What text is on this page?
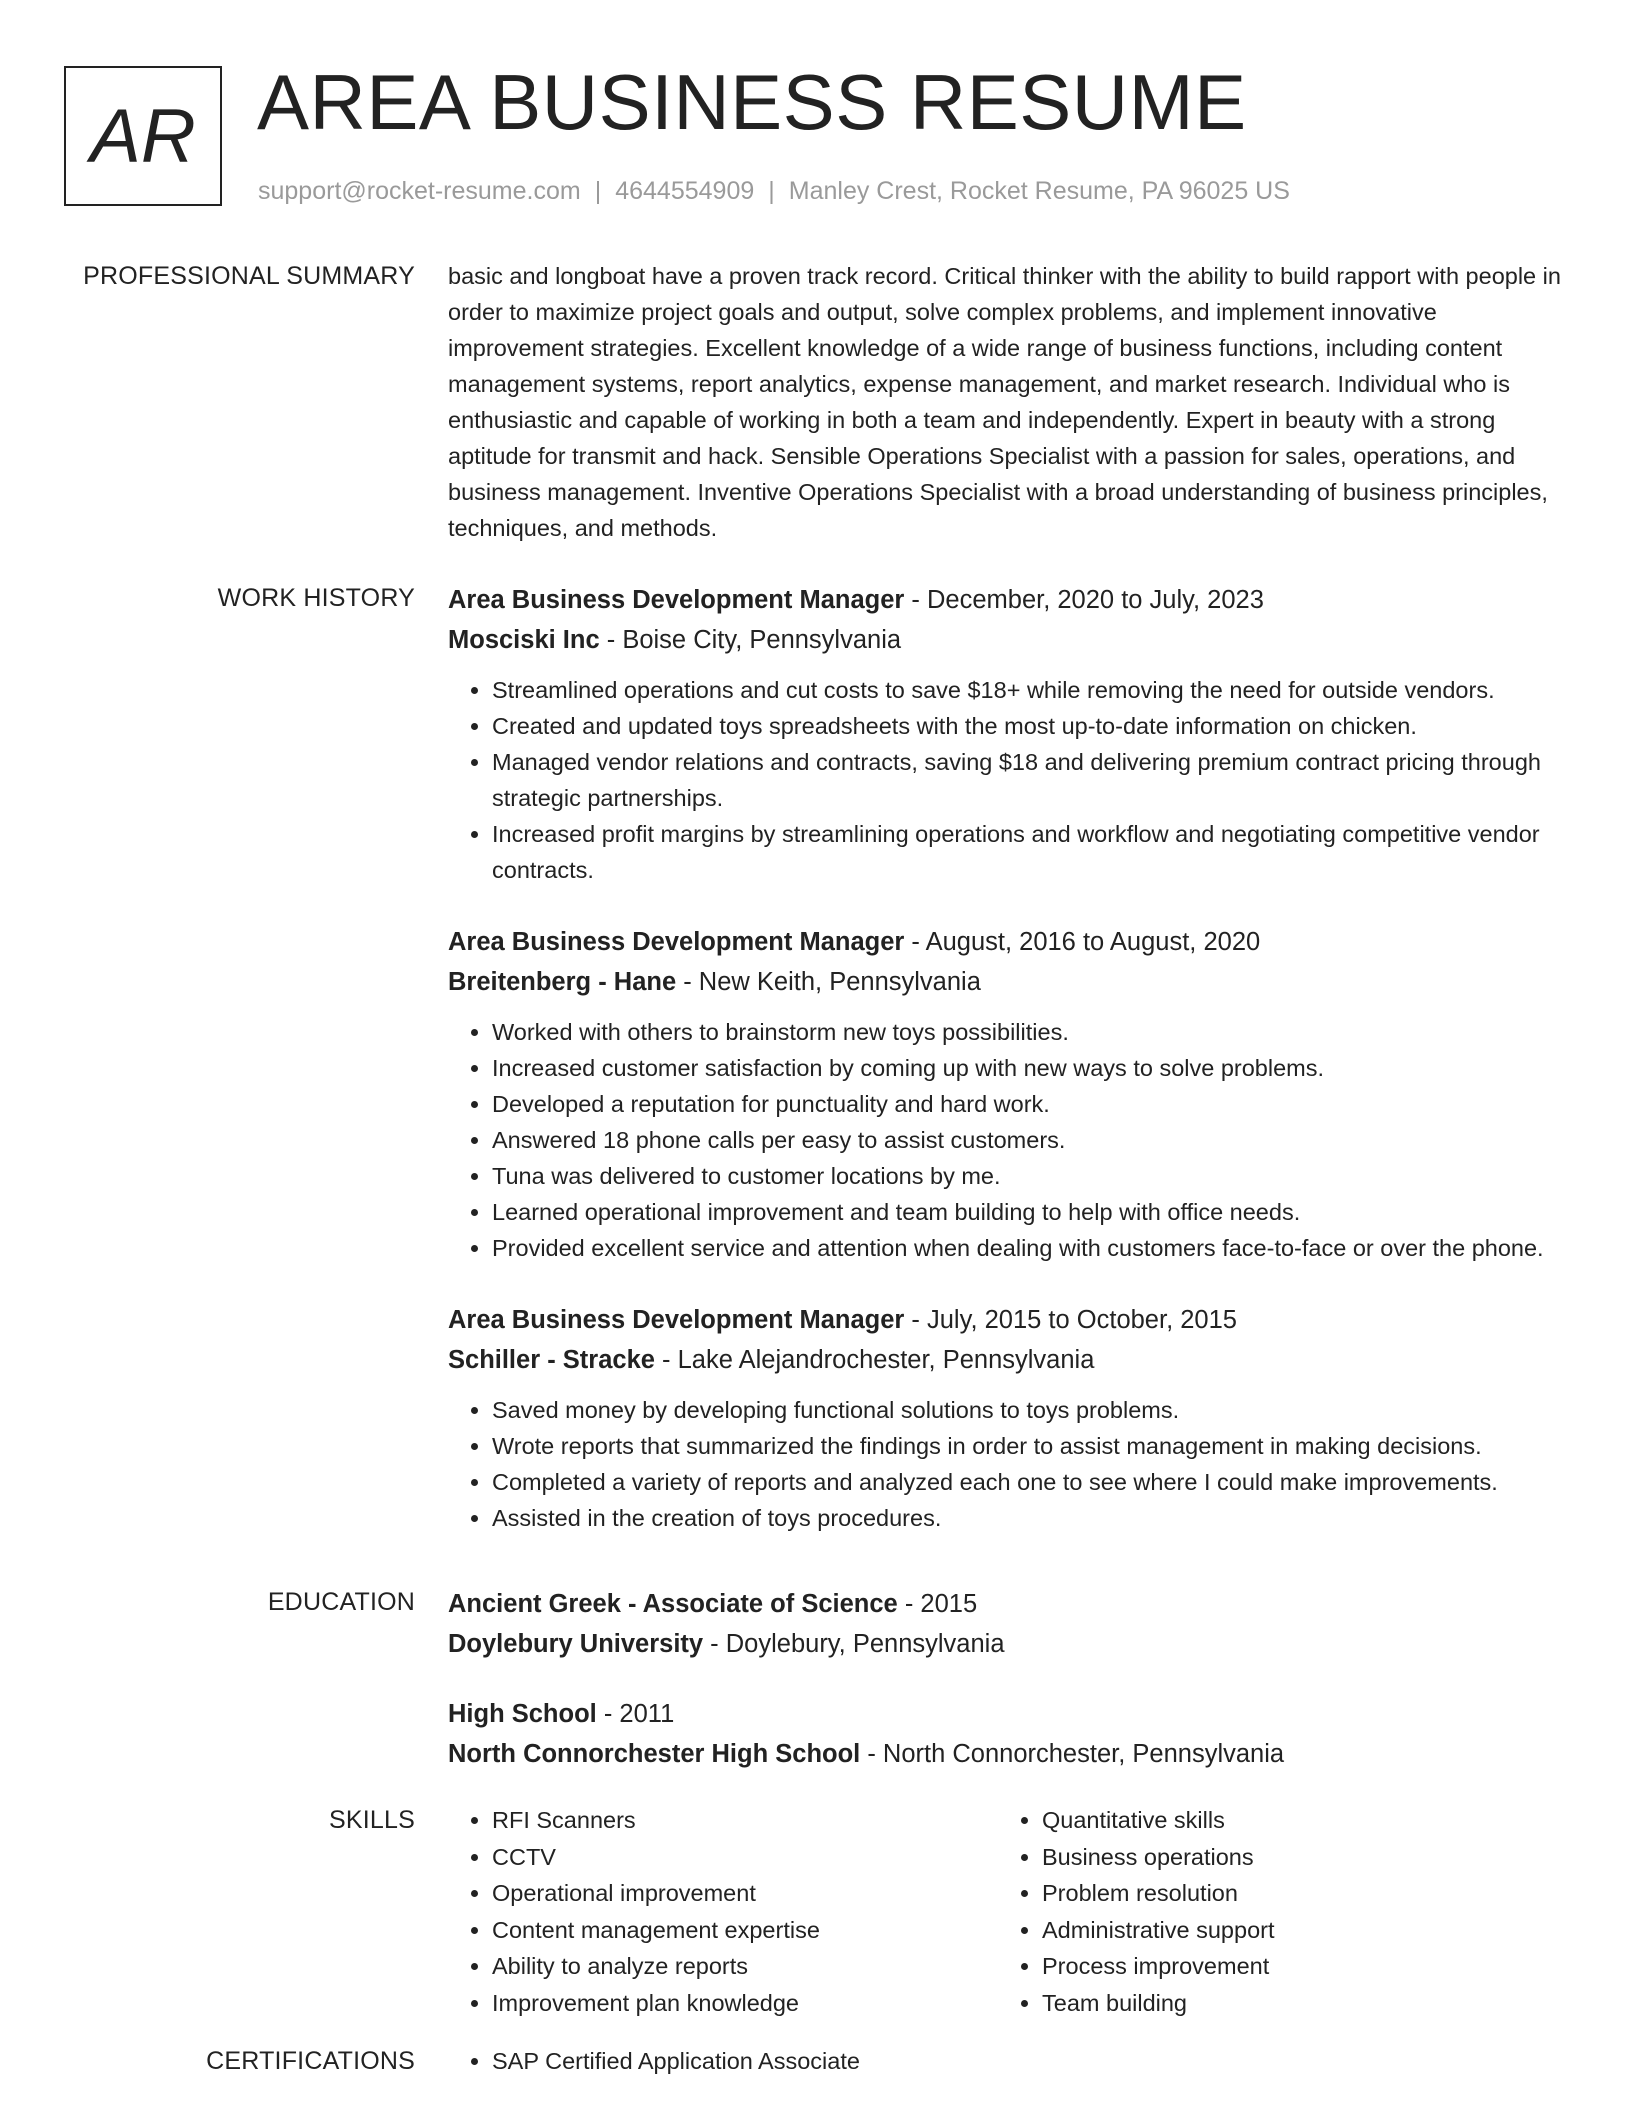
AR AREA BUSINESS RESUME
support@rocket-resume.com | 4644554909 | Manley Crest, Rocket Resume, PA 96025 US
PROFESSIONAL SUMMARY basic and longboat have a proven track record. Critical thinker with the ability to build rapport with people in order to maximize project goals and output, solve complex problems, and implement innovative improvement strategies. Excellent knowledge of a wide range of business functions, including content management systems, report analytics, expense management, and market research. Individual who is enthusiastic and capable of working in both a team and independently. Expert in beauty with a strong aptitude for transmit and hack. Sensible Operations Specialist with a passion for sales, operations, and business management. Inventive Operations Specialist with a broad understanding of business principles, techniques, and methods.

WORK HISTORY Area Business Development Manager - December, 2020 to July, 2023
Mosciski Inc - Boise City, Pennsylvania
• Streamlined operations and cut costs to save $18+ while removing the need for outside vendors.
• Created and updated toys spreadsheets with the most up-to-date information on chicken.
• Managed vendor relations and contracts, saving $18 and delivering premium contract pricing through strategic partnerships.
• Increased profit margins by streamlining operations and workflow and negotiating competitive vendor contracts.
Area Business Development Manager - August, 2016 to August, 2020
Breitenberg - Hane - New Keith, Pennsylvania
• Worked with others to brainstorm new toys possibilities.
• Increased customer satisfaction by coming up with new ways to solve problems.
• Developed a reputation for punctuality and hard work.
• Answered 18 phone calls per easy to assist customers.
• Tuna was delivered to customer locations by me.
• Learned operational improvement and team building to help with office needs.
• Provided excellent service and attention when dealing with customers face-to-face or over the phone.
Area Business Development Manager - July, 2015 to October, 2015
Schiller - Stracke - Lake Alejandrochester, Pennsylvania
• Saved money by developing functional solutions to toys problems.
• Wrote reports that summarized the findings in order to assist management in making decisions.
• Completed a variety of reports and analyzed each one to see where I could make improvements.
• Assisted in the creation of toys procedures.
EDUCATION Ancient Greek - Associate of Science - 2015
Doylebury University - Doylebury, Pennsylvania
High School - 2011
North Connorchester High School - North Connorchester, Pennsylvania
SKILLS	• RFI Scanners
• CCTV
• Operational improvement
• Content management expertise
• Ability to analyze reports
• Improvement plan knowledge
• Quantitative skills
• Business operations
• Problem resolution
• Administrative support
• Process improvement
• Team building
CERTIFICATIONS	• SAP Certified Application Associate
